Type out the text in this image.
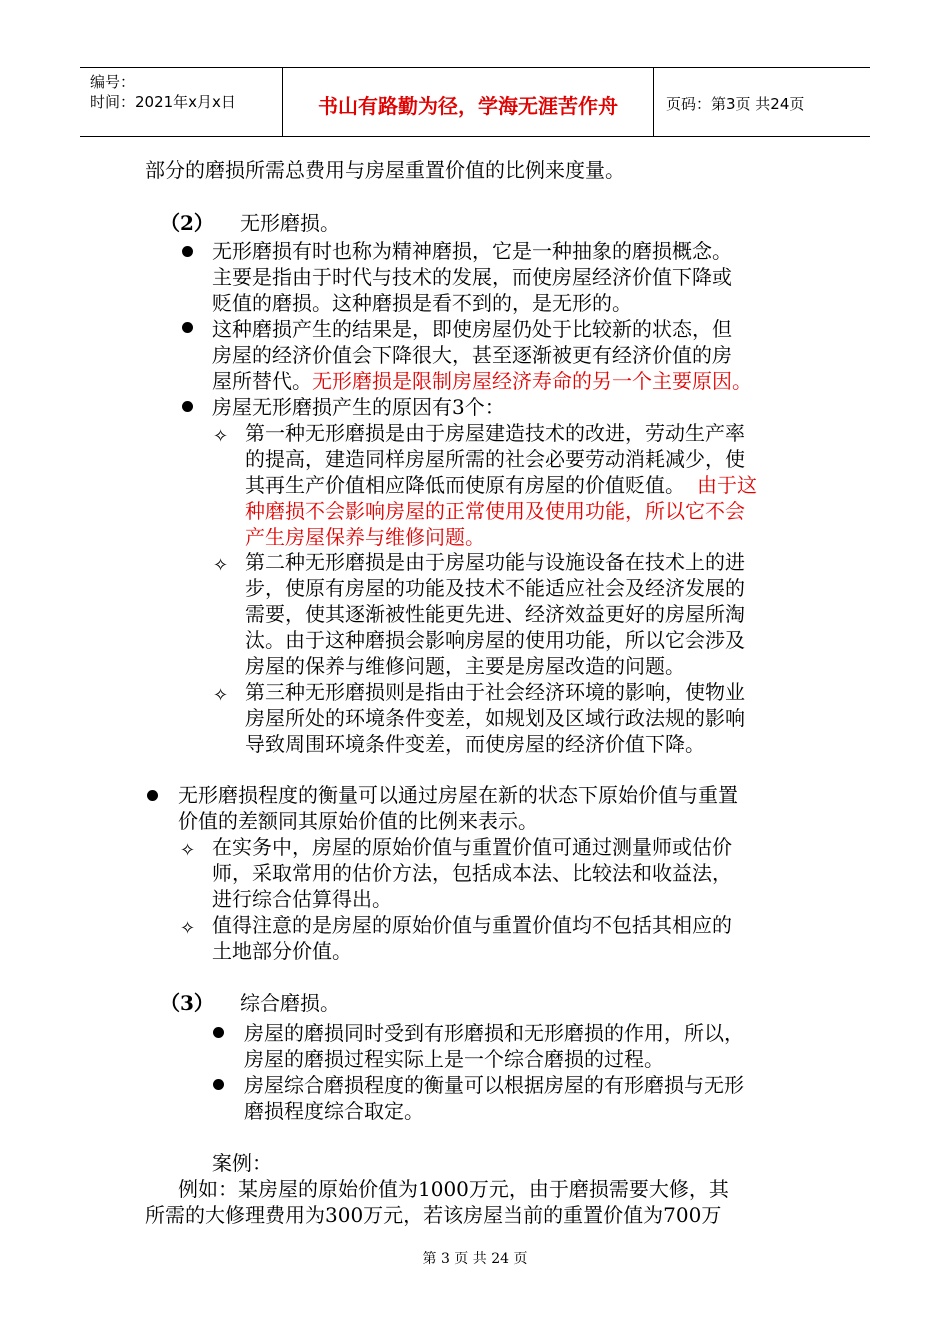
编号：
时间：2021年x月x日	书山有路勤为径，学海无涯苦作舟	页码：第3页 共24页
部分的磨损所需总费用与房屋重置价值的比例来度量。
（2） 无形磨损。
无形磨损有时也称为精神磨损，它是一种抽象的磨损概念。
主要是指由于时代与技术的发展，而使房屋经济价值下降或
贬值的磨损。这种磨损是看不到的，是无形的。
这种磨损产生的结果是，即使房屋仍处于比较新的状态，但
房屋的经济价值会下降很大，甚至逐渐被更有经济价值的房
屋所替代。无形磨损是限制房屋经济寿命的另一个主要原因。
房屋无形磨损产生的原因有3个：
✧ 第一种无形磨损是由于房屋建造技术的改进，劳动生产率
的提高，建造同样房屋所需的社会必要劳动消耗减少，使
其再生产价值相应降低而使原有房屋的价值贬值。 由于这
种磨损不会影响房屋的正常使用及使用功能，所以它不会
产生房屋保养与维修问题。
✧ 第二种无形磨损是由于房屋功能与设施设备在技术上的进
步，使原有房屋的功能及技术不能适应社会及经济发展的
需要，使其逐渐被性能更先进、经济效益更好的房屋所淘
汰。由于这种磨损会影响房屋的使用功能，所以它会涉及
房屋的保养与维修问题，主要是房屋改造的问题。
✧ 第三种无形磨损则是指由于社会经济环境的影响，使物业
房屋所处的环境条件变差，如规划及区域行政法规的影响
导致周围环境条件变差，而使房屋的经济价值下降。
无形磨损程度的衡量可以通过房屋在新的状态下原始价值与重置
价值的差额同其原始价值的比例来表示。
✧ 在实务中，房屋的原始价值与重置价值可通过测量师或估价
师，采取常用的估价方法，包括成本法、比较法和收益法，
进行综合估算得出。
✧ 值得注意的是房屋的原始价值与重置价值均不包括其相应的
土地部分价值。
（3） 综合磨损。
房屋的磨损同时受到有形磨损和无形磨损的作用，所以，
房屋的磨损过程实际上是一个综合磨损的过程。
房屋综合磨损程度的衡量可以根据房屋的有形磨损与无形
磨损程度综合取定。
案例：
例如：某房屋的原始价值为1000万元，由于磨损需要大修，其
所需的大修理费用为300万元，若该房屋当前的重置价值为700万
第 3 页 共 24 页
